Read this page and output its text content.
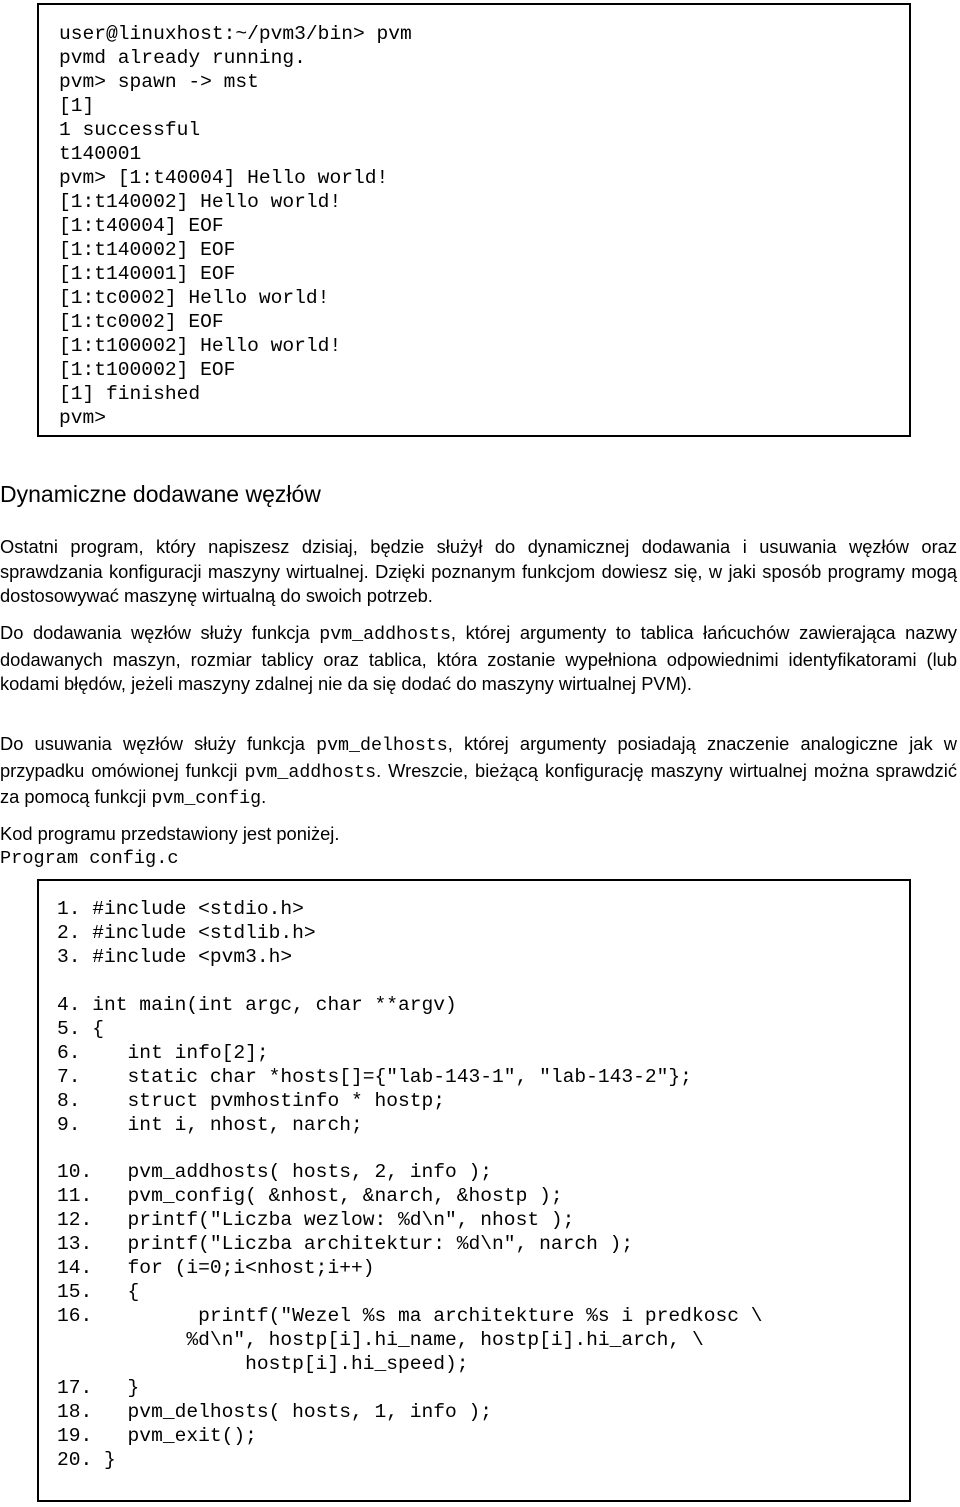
user@linuxhost:~/pvm3/bin> pvm
pvmd already running.
pvm> spawn -> mst
[1]
1 successful
t140001
pvm> [1:t40004] Hello world!
[1:t140002] Hello world!
[1:t40004] EOF
[1:t140002] EOF
[1:t140001] EOF
[1:tc0002] Hello world!
[1:tc0002] EOF
[1:t100002] Hello world!
[1:t100002] EOF
[1] finished
pvm>
Dynamiczne dodawane węzłów

Ostatni program, który napiszesz dzisiaj, będzie służył do dynamicznej dodawania i usuwania węzłów oraz sprawdzania konfiguracji maszyny wirtualnej. Dzięki poznanym funkcjom dowiesz się, w jaki sposób programy mogą dostosowywać maszynę wirtualną do swoich potrzeb.

Do dodawania węzłów służy funkcja pvm_addhosts, której argumenty to tablica łańcuchów zawierająca nazwy dodawanych maszyn, rozmiar tablicy oraz tablica, która zostanie wypełniona odpowiednimi identyfikatorami (lub kodami błędów, jeżeli maszyny zdalnej nie da się dodać do maszyny wirtualnej PVM).

Do usuwania węzłów służy funkcja pvm_delhosts, której argumenty posiadają znaczenie analogiczne jak w przypadku omówionej funkcji pvm_addhosts. Wreszcie, bieżącą konfigurację maszyny wirtualnej można sprawdzić za pomocą funkcji pvm_config.

Kod programu przedstawiony jest poniżej.

Program config.c
1. #include <stdio.h>
2. #include <stdlib.h>
3. #include <pvm3.h>
4. int main(int argc, char **argv)
5. {
6.    int info[2];
7.    static char *hosts[]={"lab-143-1", "lab-143-2"};
8.    struct pvmhostinfo * hostp;
9.    int i, nhost, narch;
10.   pvm_addhosts( hosts, 2, info );
11.   pvm_config( &nhost, &narch, &hostp );
12.   printf("Liczba wezlow: %d\n", nhost );
13.   printf("Liczba architektur: %d\n", narch );
14.   for (i=0;i<nhost;i++)
15.   {
16.         printf("Wezel %s ma architekture %s i predkosc \
%d\n", hostp[i].hi_name, hostp[i].hi_arch, \
hostp[i].hi_speed);
17.   }
18.   pvm_delhosts( hosts, 1, info );
19.   pvm_exit();
20. }
